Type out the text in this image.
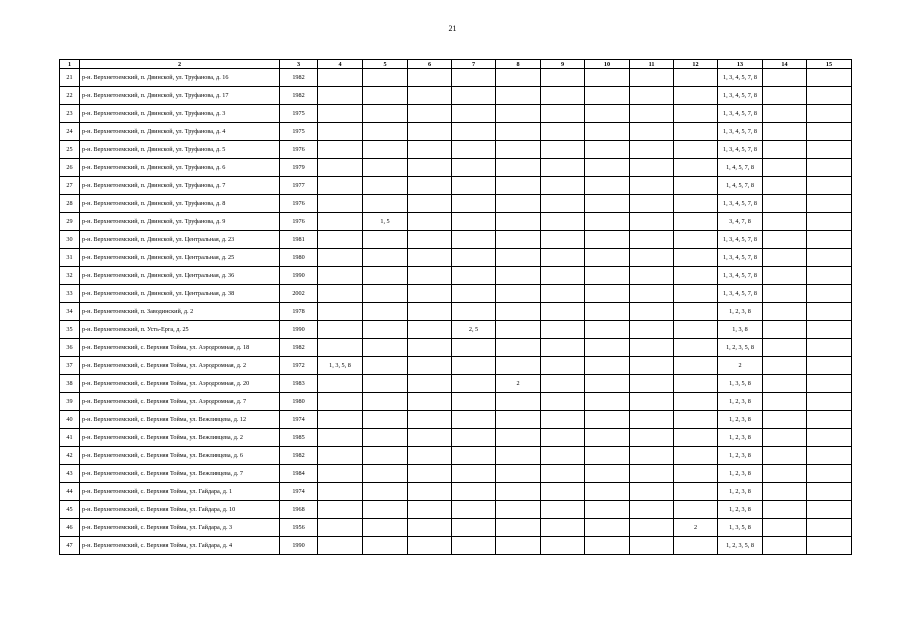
21
1	2	3	4	5	6	7	8	9	10	11	12	13	14	15
21	р-н. Верхнетоемский, п. Двинской, ул. Труфанова, д. 16	1982										1, 3, 4, 5, 7, 8		
22	р-н. Верхнетоемский, п. Двинской, ул. Труфанова, д. 17	1982										1, 3, 4, 5, 7, 8		
23	р-н. Верхнетоемский, п. Двинской, ул. Труфанова, д. 3	1975										1, 3, 4, 5, 7, 8		
24	р-н. Верхнетоемский, п. Двинской, ул. Труфанова, д. 4	1975										1, 3, 4, 5, 7, 8		
25	р-н. Верхнетоемский, п. Двинской, ул. Труфанова, д. 5	1976										1, 3, 4, 5, 7, 8		
26	р-н. Верхнетоемский, п. Двинской, ул. Труфанова, д. 6	1979										1, 4, 5, 7, 8		
27	р-н. Верхнетоемский, п. Двинской, ул. Труфанова, д. 7	1977										1, 4, 5, 7, 8		
28	р-н. Верхнетоемский, п. Двинской, ул. Труфанова, д. 8	1976										1, 3, 4, 5, 7, 8		
29	р-н. Верхнетоемский, п. Двинской, ул. Труфанова, д. 9	1976		1, 5								3, 4, 7, 8		
30	р-н. Верхнетоемский, п. Двинской, ул. Центральная, д. 23	1981										1, 3, 4, 5, 7, 8		
31	р-н. Верхнетоемский, п. Двинской, ул. Центральная, д. 25	1980										1, 3, 4, 5, 7, 8		
32	р-н. Верхнетоемский, п. Двинской, ул. Центральная, д. 36	1990										1, 3, 4, 5, 7, 8		
33	р-н. Верхнетоемский, п. Двинской, ул. Центральная, д. 38	2002										1, 3, 4, 5, 7, 8		
34	р-н. Верхнетоемский, п. Заводинский, д. 2	1978										1, 2, 3, 8		
35	р-н. Верхнетоемский, п. Усть-Ерга, д. 25	1990				2, 5						1, 3, 8		
36	р-н. Верхнетоемский, с. Верхняя Тойма, ул. Аэродромная, д. 18	1982										1, 2, 3, 5, 8		
37	р-н. Верхнетоемский, с. Верхняя Тойма, ул. Аэродромная, д. 2	1972	1, 3, 5, 8									2		
38	р-н. Верхнетоемский, с. Верхняя Тойма, ул. Аэродромная, д. 20	1983					2					1, 3, 5, 8		
39	р-н. Верхнетоемский, с. Верхняя Тойма, ул. Аэродромная, д. 7	1980										1, 2, 3, 8		
40	р-н. Верхнетоемский, с. Верхняя Тойма, ул. Вежливцева, д. 12	1974										1, 2, 3, 8		
41	р-н. Верхнетоемский, с. Верхняя Тойма, ул. Вежливцева, д. 2	1985										1, 2, 3, 8		
42	р-н. Верхнетоемский, с. Верхняя Тойма, ул. Вежливцева, д. 6	1982										1, 2, 3, 8		
43	р-н. Верхнетоемский, с. Верхняя Тойма, ул. Вежливцева, д. 7	1984										1, 2, 3, 8		
44	р-н. Верхнетоемский, с. Верхняя Тойма, ул. Гайдара, д. 1	1974										1, 2, 3, 8		
45	р-н. Верхнетоемский, с. Верхняя Тойма, ул. Гайдара, д. 10	1968										1, 2, 3, 8		
46	р-н. Верхнетоемский, с. Верхняя Тойма, ул. Гайдара, д. 3	1956									2	1, 3, 5, 8		
47	р-н. Верхнетоемский, с. Верхняя Тойма, ул. Гайдара, д. 4	1990										1, 2, 3, 5, 8		
